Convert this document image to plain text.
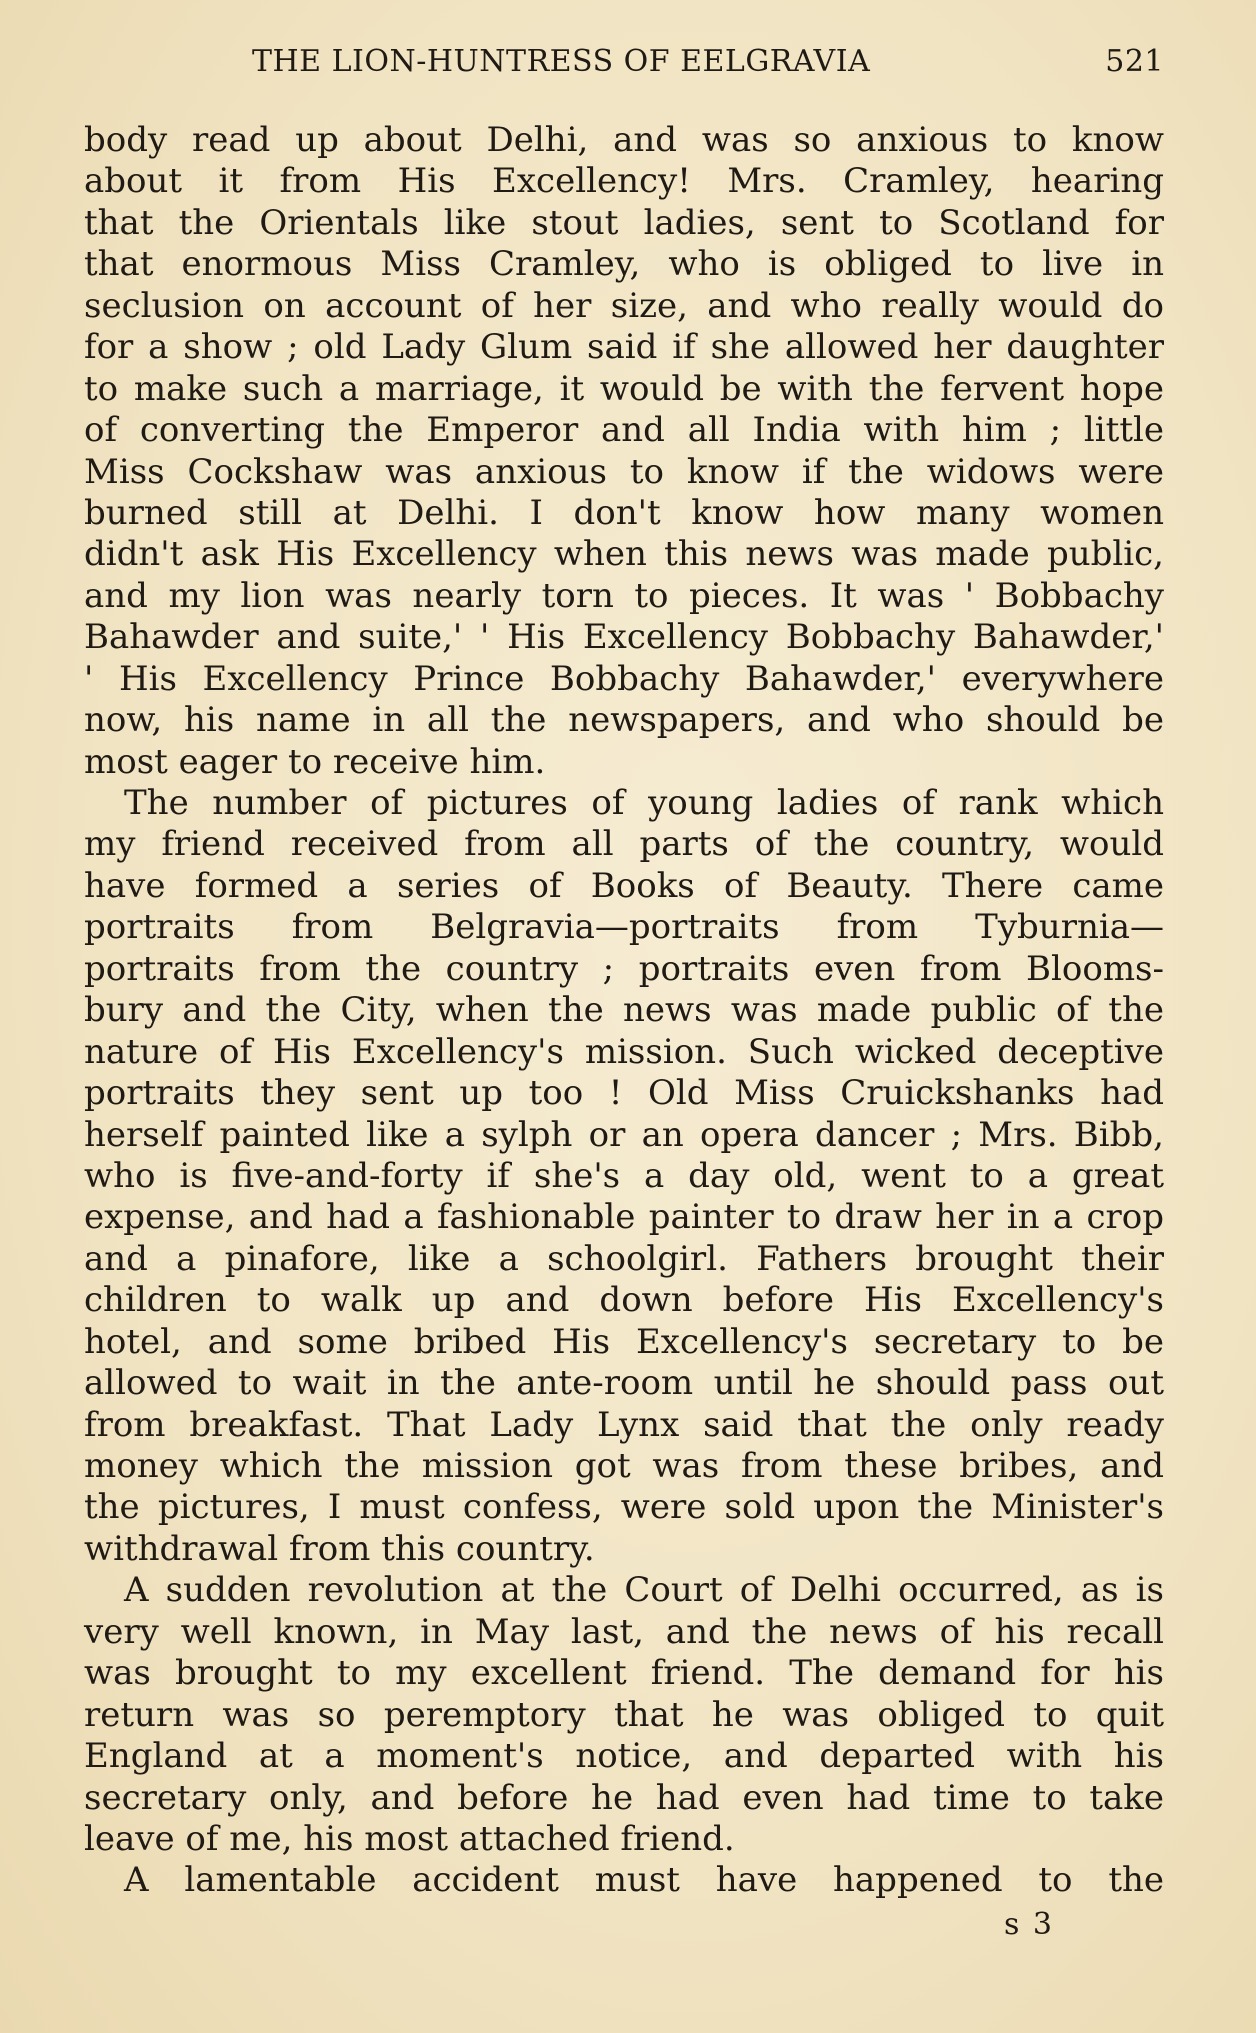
THE LION-HUNTRESS OF EELGRAVIA	521
body read up about Delhi, and was so anxious to know
about it from His Excellency! Mrs. Cramley, hearing
that the Orientals like stout ladies, sent to Scotland for
that enormous Miss Cramley, who is obliged to live in
seclusion on account of her size, and who really would do
for a show ; old Lady Glum said if she allowed her daughter
to make such a marriage, it would be with the fervent hope
of converting the Emperor and all India with him ; little
Miss Cockshaw was anxious to know if the widows were
burned still at Delhi. I don't know how many women
didn't ask His Excellency when this news was made public,
and my lion was nearly torn to pieces. It was ' Bobbachy
Bahawder and suite,' ' His Excellency Bobbachy Bahawder,'
' His Excellency Prince Bobbachy Bahawder,' everywhere
now, his name in all the newspapers, and who should be
most eager to receive him.
The number of pictures of young ladies of rank which
my friend received from all parts of the country, would
have formed a series of Books of Beauty. There came
portraits from Belgravia—portraits from Tyburnia—
portraits from the country ; portraits even from Blooms-
bury and the City, when the news was made public of the
nature of His Excellency's mission. Such wicked deceptive
portraits they sent up too ! Old Miss Cruickshanks had
herself painted like a sylph or an opera dancer ; Mrs. Bibb,
who is five-and-forty if she's a day old, went to a great
expense, and had a fashionable painter to draw her in a crop
and a pinafore, like a schoolgirl. Fathers brought their
children to walk up and down before His Excellency's
hotel, and some bribed His Excellency's secretary to be
allowed to wait in the ante-room until he should pass out
from breakfast. That Lady Lynx said that the only ready
money which the mission got was from these bribes, and
the pictures, I must confess, were sold upon the Minister's
withdrawal from this country.
A sudden revolution at the Court of Delhi occurred, as is
very well known, in May last, and the news of his recall
was brought to my excellent friend. The demand for his
return was so peremptory that he was obliged to quit
England at a moment's notice, and departed with his
secretary only, and before he had even had time to take
leave of me, his most attached friend.
A lamentable accident must have happened to the
s 3
